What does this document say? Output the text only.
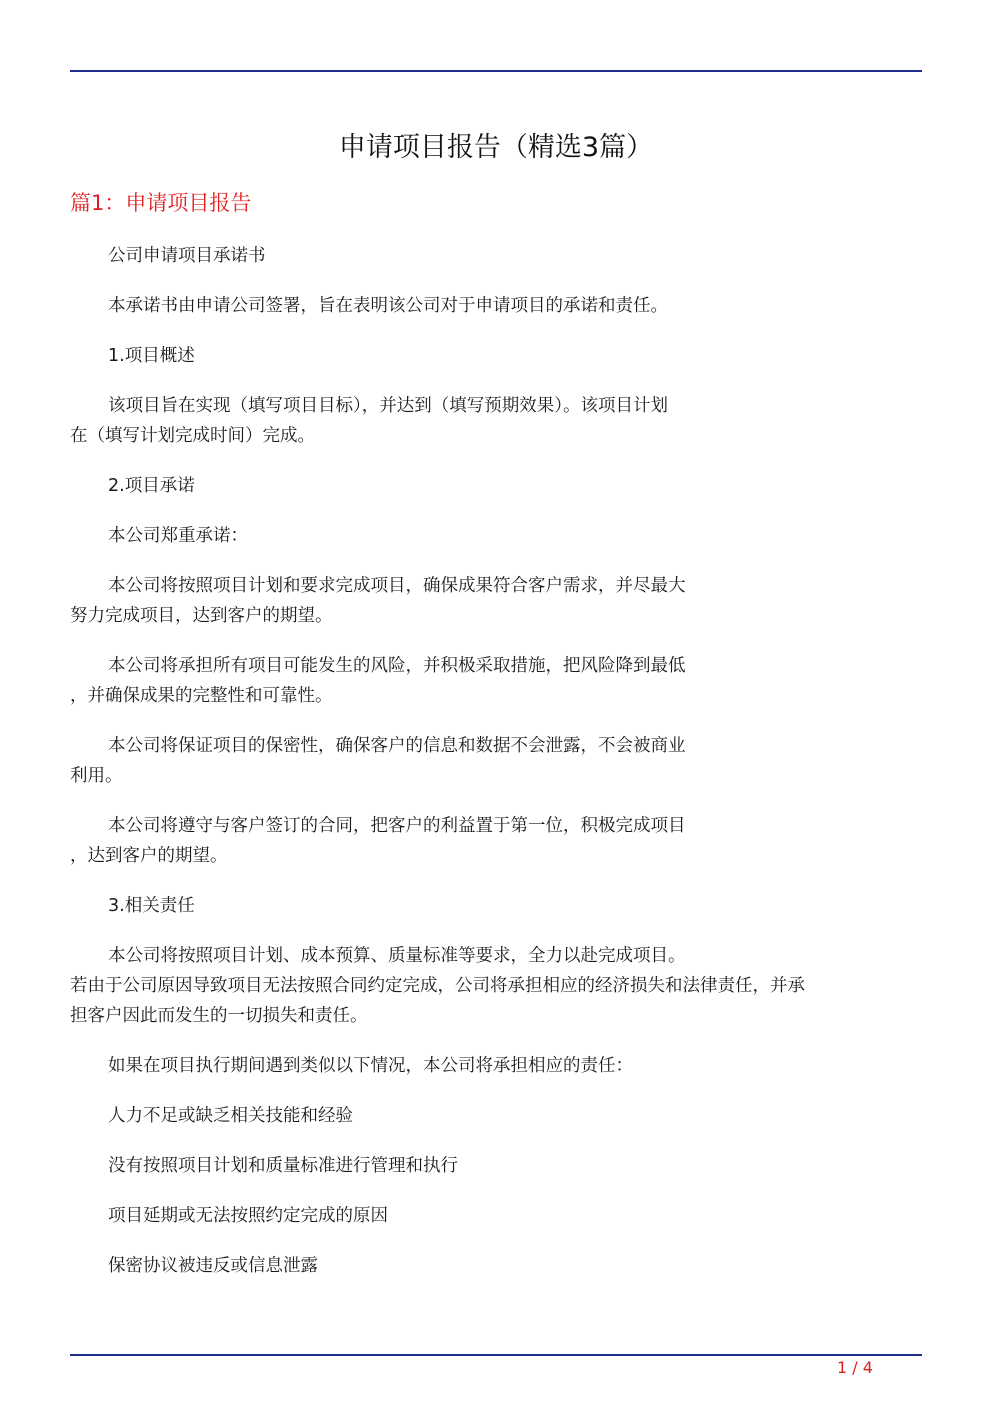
申请项目报告（精选3篇）
篇1：申请项目报告

公司申请项目承诺书

本承诺书由申请公司签署，旨在表明该公司对于申请项目的承诺和责任。

1.项目概述

该项目旨在实现（填写项目目标），并达到（填写预期效果）。该项目计划
在（填写计划完成时间）完成。

2.项目承诺

本公司郑重承诺：

本公司将按照项目计划和要求完成项目，确保成果符合客户需求，并尽最大
努力完成项目，达到客户的期望。

本公司将承担所有项目可能发生的风险，并积极采取措施，把风险降到最低
，并确保成果的完整性和可靠性。

本公司将保证项目的保密性，确保客户的信息和数据不会泄露，不会被商业
利用。

本公司将遵守与客户签订的合同，把客户的利益置于第一位，积极完成项目
，达到客户的期望。

3.相关责任

本公司将按照项目计划、成本预算、质量标准等要求，全力以赴完成项目。
若由于公司原因导致项目无法按照合同约定完成，公司将承担相应的经济损失和法律责任，并承
担客户因此而发生的一切损失和责任。

如果在项目执行期间遇到类似以下情况，本公司将承担相应的责任：

人力不足或缺乏相关技能和经验

没有按照项目计划和质量标准进行管理和执行

项目延期或无法按照约定完成的原因

保密协议被违反或信息泄露

1 / 4
